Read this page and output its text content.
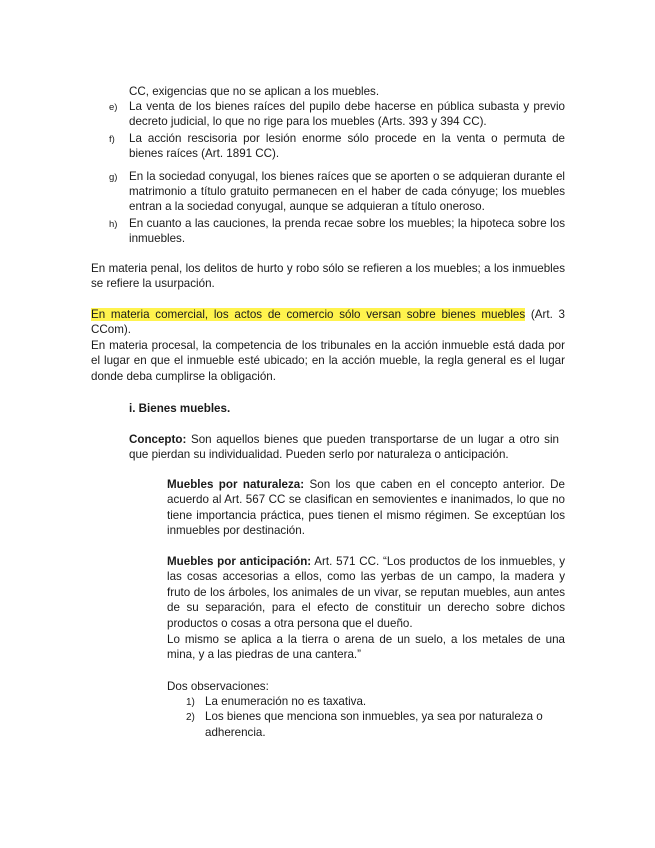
CC, exigencias que no se aplican a los muebles.
e) La venta de los bienes raíces del pupilo debe hacerse en pública subasta y previo decreto judicial, lo que no rige para los muebles (Arts. 393 y 394 CC).
f) La acción rescisoria por lesión enorme sólo procede en la venta o permuta de bienes raíces (Art. 1891 CC).
g) En la sociedad conyugal, los bienes raíces que se aporten o se adquieran durante el matrimonio a título gratuito permanecen en el haber de cada cónyuge; los muebles entran a la sociedad conyugal, aunque se adquieran a título oneroso.
h) En cuanto a las cauciones, la prenda recae sobre los muebles; la hipoteca sobre los inmuebles.
En materia penal, los delitos de hurto y robo sólo se refieren a los muebles; a los inmuebles se refiere la usurpación.
En materia comercial, los actos de comercio sólo versan sobre bienes muebles (Art. 3 CCom).
En materia procesal, la competencia de los tribunales en la acción inmueble está dada por el lugar en que el inmueble esté ubicado; en la acción mueble, la regla general es el lugar donde deba cumplirse la obligación.
i. Bienes muebles.
Concepto: Son aquellos bienes que pueden transportarse de un lugar a otro sin que pierdan su individualidad. Pueden serlo por naturaleza o anticipación.
Muebles por naturaleza: Son los que caben en el concepto anterior. De acuerdo al Art. 567 CC se clasifican en semovientes e inanimados, lo que no tiene importancia práctica, pues tienen el mismo régimen. Se exceptúan los inmuebles por destinación.
Muebles por anticipación: Art. 571 CC. “Los productos de los inmuebles, y las cosas accesorias a ellos, como las yerbas de un campo, la madera y fruto de los árboles, los animales de un vivar, se reputan muebles, aun antes de su separación, para el efecto de constituir un derecho sobre dichos productos o cosas a otra persona que el dueño.
Lo mismo se aplica a la tierra o arena de un suelo, a los metales de una mina, y a las piedras de una cantera.”
Dos observaciones:
1) La enumeración no es taxativa.
2) Los bienes que menciona son inmuebles, ya sea por naturaleza o adherencia.
